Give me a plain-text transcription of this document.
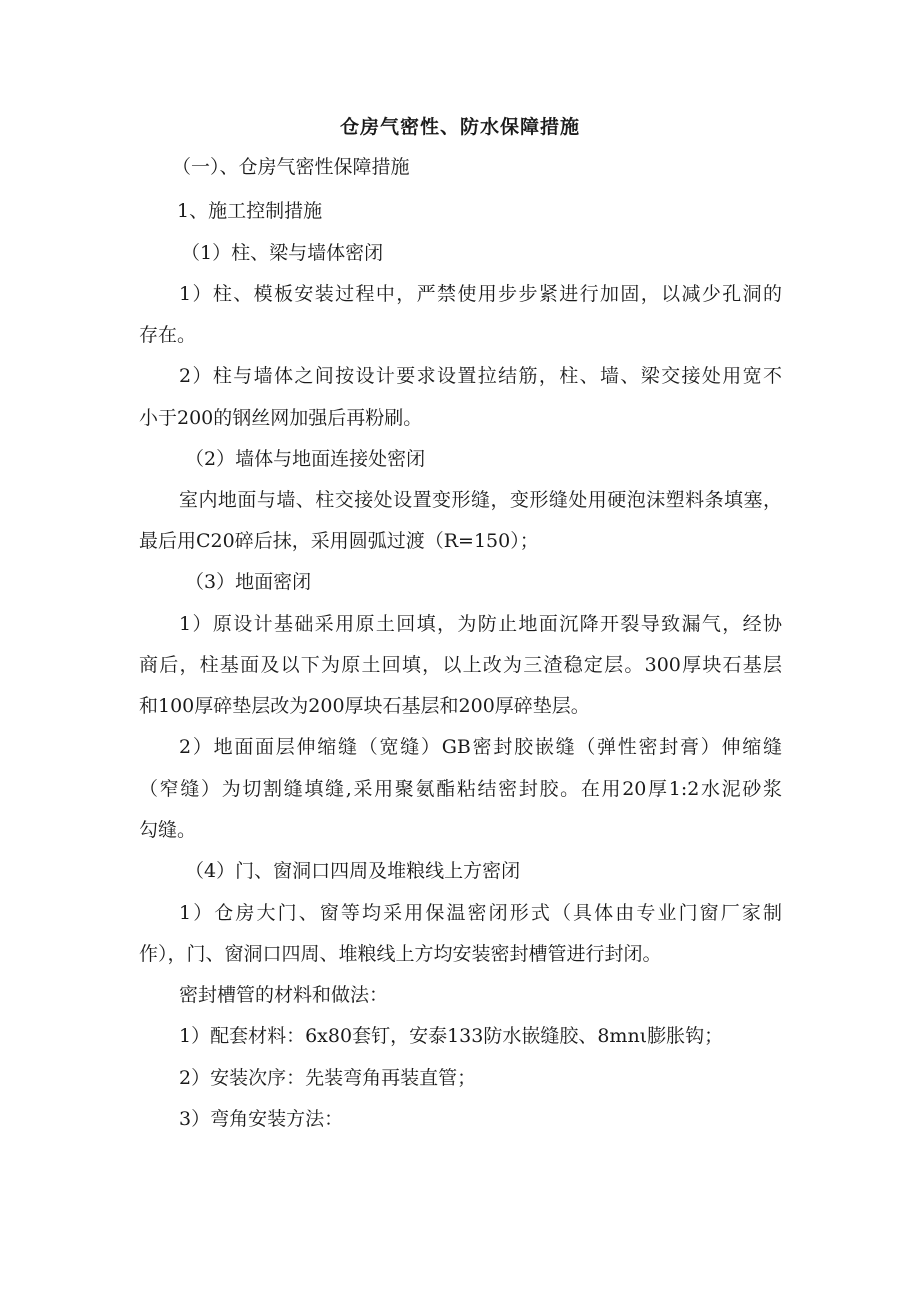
仓房气密性、防水保障措施
（一）、仓房气密性保障措施
1、施工控制措施
（1）柱、梁与墙体密闭
1）柱、模板安装过程中，严禁使用步步紧进行加固，以减少孔洞的
存在。
2）柱与墙体之间按设计要求设置拉结筋，柱、墙、梁交接处用宽不
小于200的钢丝网加强后再粉刷。
（2）墙体与地面连接处密闭
室内地面与墙、柱交接处设置变形缝，变形缝处用硬泡沫塑料条填塞，
最后用C20碎后抹，采用圆弧过渡（R=150）；
（3）地面密闭
1）原设计基础采用原土回填，为防止地面沉降开裂导致漏气，经协
商后，柱基面及以下为原土回填，以上改为三渣稳定层。300厚块石基层
和100厚碎垫层改为200厚块石基层和200厚碎垫层。
2）地面面层伸缩缝（宽缝）GB密封胶嵌缝（弹性密封膏）伸缩缝
（窄缝）为切割缝填缝,采用聚氨酯粘结密封胶。在用20厚1:2水泥砂浆
勾缝。
（4）门、窗洞口四周及堆粮线上方密闭
1）仓房大门、窗等均采用保温密闭形式（具体由专业门窗厂家制
作），门、窗洞口四周、堆粮线上方均安装密封槽管进行封闭。
密封槽管的材料和做法：
1）配套材料：6x80套钉，安泰133防水嵌缝胶、8mnι膨胀钩；
2）安装次序：先装弯角再装直管；
3）弯角安装方法：
